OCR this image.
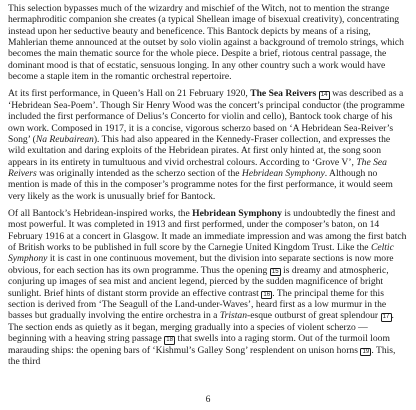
This selection bypasses much of the wizardry and mischief of the Witch, not to mention the strange hermaphroditic companion she creates (a typical Shellean image of bisexual creativity), concentrating instead upon her seductive beauty and beneficence. This Bantock depicts by means of a rising, Mahlerian theme announced at the outset by solo violin against a background of tremolo strings, which becomes the main thematic source for the whole piece. Despite a brief, riotous central passage, the dominant mood is that of ecstatic, sensuous longing. In any other country such a work would have become a staple item in the romantic orchestral repertoire.

At its first performance, in Queen’s Hall on 21 February 1920, The Sea Reivers 14 was described as a ‘Hebridean Sea-Poem’. Though Sir Henry Wood was the concert’s principal conductor (the programme included the first performance of Delius’s Concerto for violin and cello), Bantock took charge of his own work. Composed in 1917, it is a concise, vigorous scherzo based on ‘A Hebridean Sea-Reiver’s Song’ (Na Reubairean). This had also appeared in the Kennedy-Fraser collection, and expresses the wild exultation and daring exploits of the Hebridean pirates. At first only hinted at, the song soon appears in its entirety in tumultuous and vivid orchestral colours. According to ‘Grove V’, The Sea Reivers was originally intended as the scherzo section of the Hebridean Symphony. Although no mention is made of this in the composer’s programme notes for the first performance, it would seem very likely as the work is unusually brief for Bantock.

Of all Bantock’s Hebridean-inspired works, the Hebridean Symphony is undoubtedly the finest and most powerful. It was completed in 1913 and first performed, under the composer’s baton, on 14 February 1916 at a concert in Glasgow. It made an immediate impression and was among the first batch of British works to be published in full score by the Carnegie United Kingdom Trust. Like the Celtic Symphony it is cast in one continuous movement, but the division into separate sections is now more obvious, for each section has its own programme. Thus the opening 15 is dreamy and atmospheric, conjuring up images of sea mist and ancient legend, pierced by the sudden magnificence of bright sunlight. Brief hints of distant storm provide an effective contrast 16 . The principal theme for this section is derived from ‘The Seagull of the Land-under-Waves’, heard first as a low murmur in the basses but gradually involving the entire orchestra in a Tristan-esque outburst of great splendour 17 . The section ends as quietly as it began, merging gradually into a species of violent scherzo — beginning with a heaving string passage 18 that swells into a raging storm. Out of the turmoil loom marauding ships: the opening bars of ‘Kishmul’s Galley Song’ resplendent on unison horns 19 . This, the third

6
